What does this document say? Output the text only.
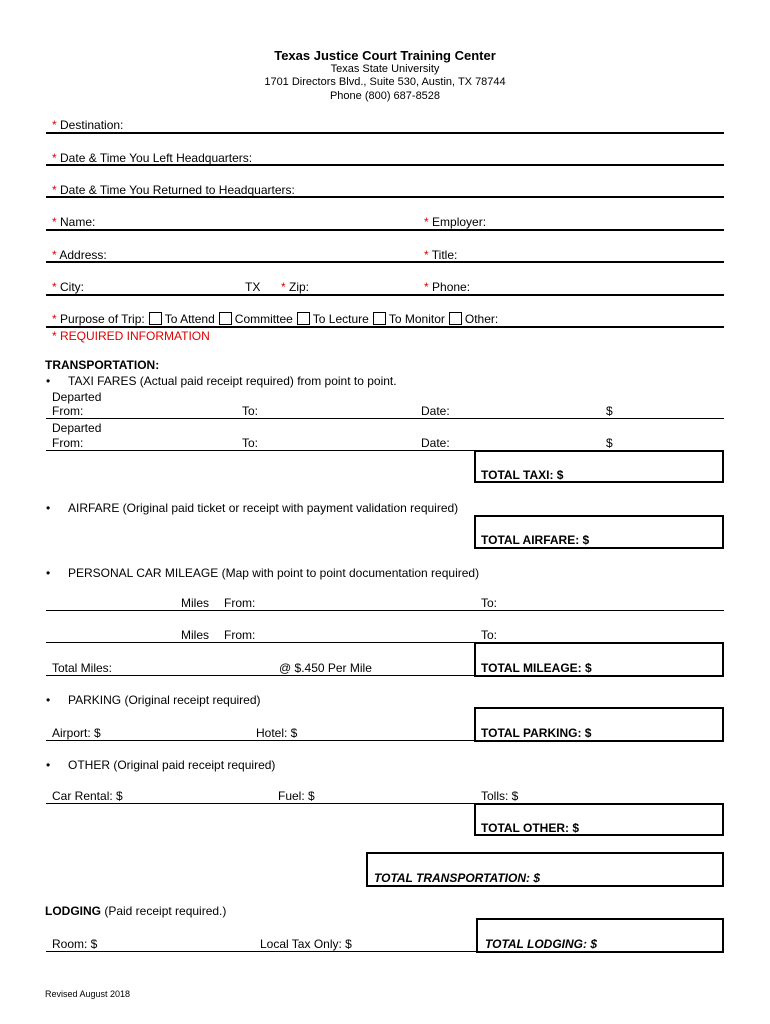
Texas Justice Court Training Center
Texas State University
1701 Directors Blvd., Suite 530, Austin, TX 78744
Phone (800) 687-8528
* Destination:
* Date & Time You Left Headquarters:
* Date & Time You Returned to Headquarters:
* Name:	* Employer:
* Address:	* Title:
* City:	TX * Zip:	* Phone:
* Purpose of Trip: To Attend Committee To Lecture To Monitor Other:
* REQUIRED INFORMATION
TRANSPORTATION:
• TAXI FARES (Actual paid receipt required) from point to point.
Departed
From:	To:	Date:	$
Departed
From:	To:	Date:	$
TOTAL TAXI: $
• AIRFARE (Original paid ticket or receipt with payment validation required)
TOTAL AIRFARE: $
• PERSONAL CAR MILEAGE (Map with point to point documentation required)
Miles From:	To:
Miles From:	To:
Total Miles:	@ $.450 Per Mile	TOTAL MILEAGE: $
• PARKING (Original receipt required)
Airport: $	Hotel: $	TOTAL PARKING: $
• OTHER (Original paid receipt required)
Car Rental: $	Fuel: $	Tolls: $
TOTAL OTHER: $
TOTAL TRANSPORTATION: $
LODGING (Paid receipt required.)
Room: $	Local Tax Only: $	TOTAL LODGING: $
Revised August 2018
